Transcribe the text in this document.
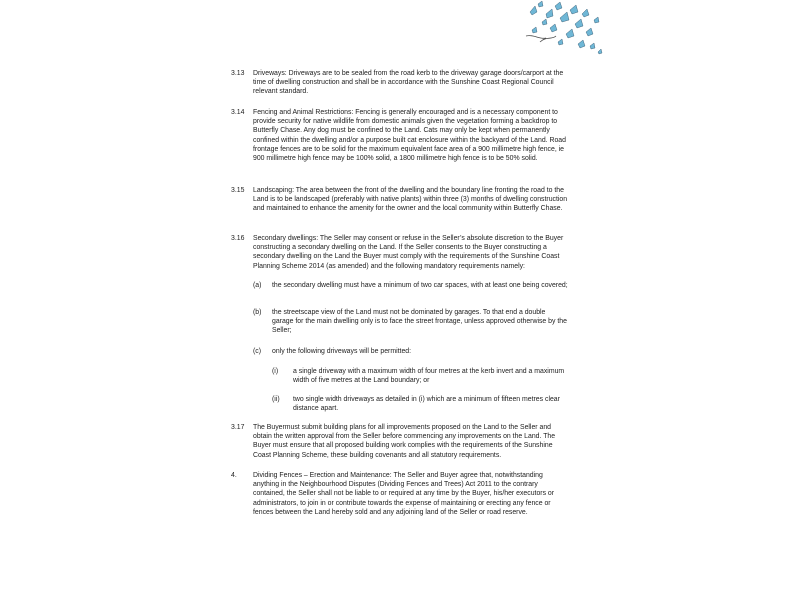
3.13 Driveways: Driveways are to be sealed from the road kerb to the driveway garage doors/carport at the time of dwelling construction and shall be in accordance with the Sunshine Coast Regional Council relevant standard.
3.14 Fencing and Animal Restrictions: Fencing is generally encouraged and is a necessary component to provide security for native wildlife from domestic animals given the vegetation forming a backdrop to Butterfly Chase. Any dog must be confined to the Land. Cats may only be kept when permanently confined within the dwelling and/or a purpose built cat enclosure within the backyard of the Land. Road frontage fences are to be solid for the maximum equivalent face area of a 900 millimetre high fence, ie 900 millimetre high fence may be 100% solid, a 1800 millimetre high fence is to be 50% solid.
3.15 Landscaping: The area between the front of the dwelling and the boundary line fronting the road to the Land is to be landscaped (preferably with native plants) within three (3) months of dwelling construction and maintained to enhance the amenity for the owner and the local community within Butterfly Chase.
3.16 Secondary dwellings: The Seller may consent or refuse in the Seller’s absolute discretion to the Buyer constructing a secondary dwelling on the Land. If the Seller consents to the Buyer constructing a secondary dwelling on the Land the Buyer must comply with the requirements of the Sunshine Coast Planning Scheme 2014 (as amended) and the following mandatory requirements namely:
(a) the secondary dwelling must have a minimum of two car spaces, with at least one being covered;
(b) the streetscape view of the Land must not be dominated by garages. To that end a double garage for the main dwelling only is to face the street frontage, unless approved otherwise by the Seller;
(c) only the following driveways will be permitted:
(i) a single driveway with a maximum width of four metres at the kerb invert and a maximum width of five metres at the Land boundary; or
(ii) two single width driveways as detailed in (i) which are a minimum of fifteen metres clear distance apart.
3.17 The Buyermust submit building plans for all improvements proposed on the Land to the Seller and obtain the written approval from the Seller before commencing any improvements on the Land. The Buyer must ensure that all proposed building work complies with the requirements of the Sunshine Coast Planning Scheme, these building covenants and all statutory requirements.
4. Dividing Fences – Erection and Maintenance: The Seller and Buyer agree that, notwithstanding anything in the Neighbourhood Disputes (Dividing Fences and Trees) Act 2011 to the contrary contained, the Seller shall not be liable to or required at any time by the Buyer, his/her executors or administrators, to join in or contribute towards the expense of maintaining or erecting any fence or fences between the Land hereby sold and any adjoining land of the Seller or road reserve.
